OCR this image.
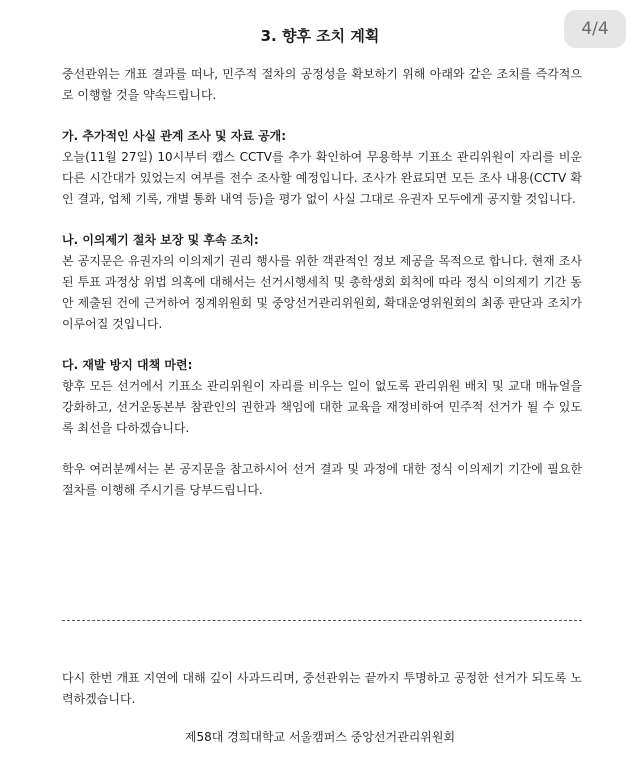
4/4
3. 향후 조치 계획

중선관위는 개표 결과를 떠나, 민주적 절차의 공정성을 확보하기 위해 아래와 같은 조치를 즉각적으로 이행할 것을 약속드립니다.

가. 추가적인 사실 관계 조사 및 자료 공개:

오늘(11월 27일) 10시부터 캡스 CCTV를 추가 확인하여 무용학부 기표소 관리위원이 자리를 비운 다른 시간대가 있었는지 여부를 전수 조사할 예정입니다. 조사가 완료되면 모든 조사 내용(CCTV 확인 결과, 업체 기록, 개별 통화 내역 등)을 평가 없이 사실 그대로 유권자 모두에게 공지할 것입니다.

나. 이의제기 절차 보장 및 후속 조치:

본 공지문은 유권자의 이의제기 권리 행사를 위한 객관적인 정보 제공을 목적으로 합니다. 현재 조사된 투표 과정상 위법 의혹에 대해서는 선거시행세칙 및 총학생회 회칙에 따라 정식 이의제기 기간 동안 제출된 건에 근거하여 징계위원회 및 중앙선거관리위원회, 확대운영위원회의 최종 판단과 조치가 이루어질 것입니다.

다. 재발 방지 대책 마련:

향후 모든 선거에서 기표소 관리위원이 자리를 비우는 일이 없도록 관리위원 배치 및 교대 매뉴얼을 강화하고, 선거운동본부 참관인의 권한과 책임에 대한 교육을 재정비하여 민주적 선거가 될 수 있도록 최선을 다하겠습니다.

학우 여러분께서는 본 공지문을 참고하시어 선거 결과 및 과정에 대한 정식 이의제기 기간에 필요한 절차를 이행해 주시기를 당부드립니다.

다시 한번 개표 지연에 대해 깊이 사과드리며, 중선관위는 끝까지 투명하고 공정한 선거가 되도록 노력하겠습니다.

제58대 경희대학교 서울캠퍼스 중앙선거관리위원회
